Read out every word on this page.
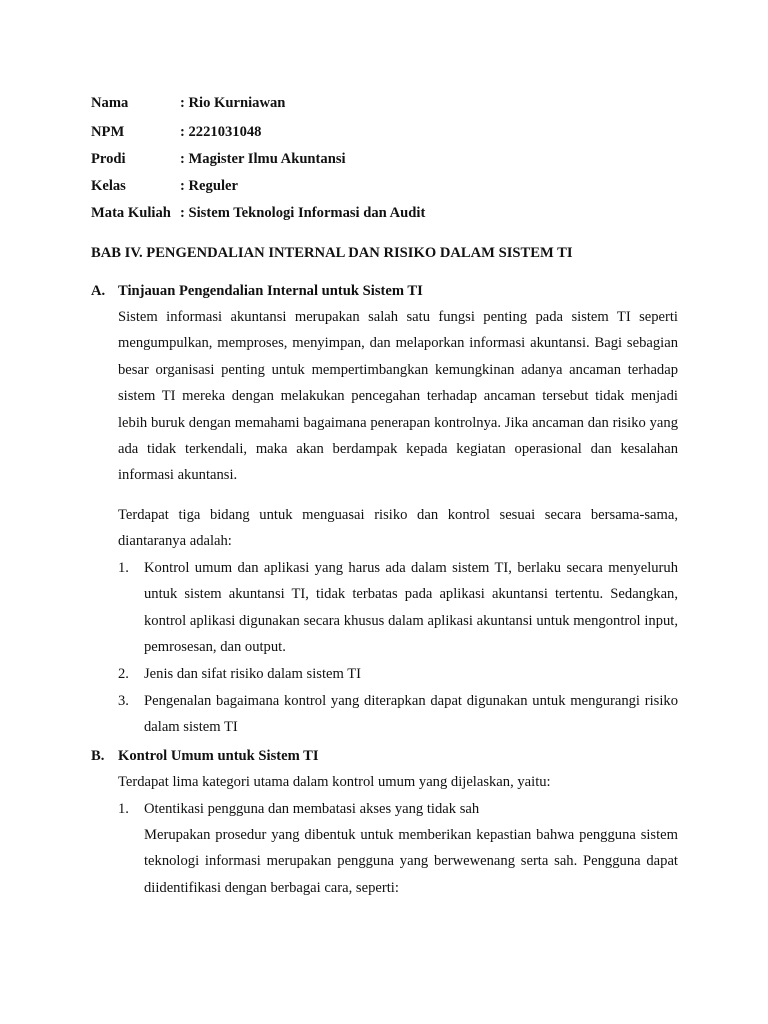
Nama	: Rio Kurniawan
NPM	: 2221031048
Prodi	: Magister Ilmu Akuntansi
Kelas	: Reguler
Mata Kuliah : Sistem Teknologi Informasi dan Audit
BAB IV. PENGENDALIAN INTERNAL DAN RISIKO DALAM SISTEM TI
A. Tinjauan Pengendalian Internal untuk Sistem TI
Sistem informasi akuntansi merupakan salah satu fungsi penting pada sistem TI seperti mengumpulkan, memproses, menyimpan, dan melaporkan informasi akuntansi. Bagi sebagian besar organisasi penting untuk mempertimbangkan kemungkinan adanya ancaman terhadap sistem TI mereka dengan melakukan pencegahan terhadap ancaman tersebut tidak menjadi lebih buruk dengan memahami bagaimana penerapan kontrolnya. Jika ancaman dan risiko yang ada tidak terkendali, maka akan berdampak kepada kegiatan operasional dan kesalahan informasi akuntansi.
Terdapat tiga bidang untuk menguasai risiko dan kontrol sesuai secara bersama-sama, diantaranya adalah:
1.	Kontrol umum dan aplikasi yang harus ada dalam sistem TI, berlaku secara menyeluruh untuk sistem akuntansi TI, tidak terbatas pada aplikasi akuntansi tertentu. Sedangkan, kontrol aplikasi digunakan secara khusus dalam aplikasi akuntansi untuk mengontrol input, pemrosesan, dan output.
2.	Jenis dan sifat risiko dalam sistem TI
3.	Pengenalan bagaimana kontrol yang diterapkan dapat digunakan untuk mengurangi risiko dalam sistem TI
B. Kontrol Umum untuk Sistem TI
Terdapat lima kategori utama dalam kontrol umum yang dijelaskan, yaitu:
1.	Otentikasi pengguna dan membatasi akses yang tidak sah
Merupakan prosedur yang dibentuk untuk memberikan kepastian bahwa pengguna sistem teknologi informasi merupakan pengguna yang berwewenang serta sah. Pengguna dapat diidentifikasi dengan berbagai cara, seperti:
